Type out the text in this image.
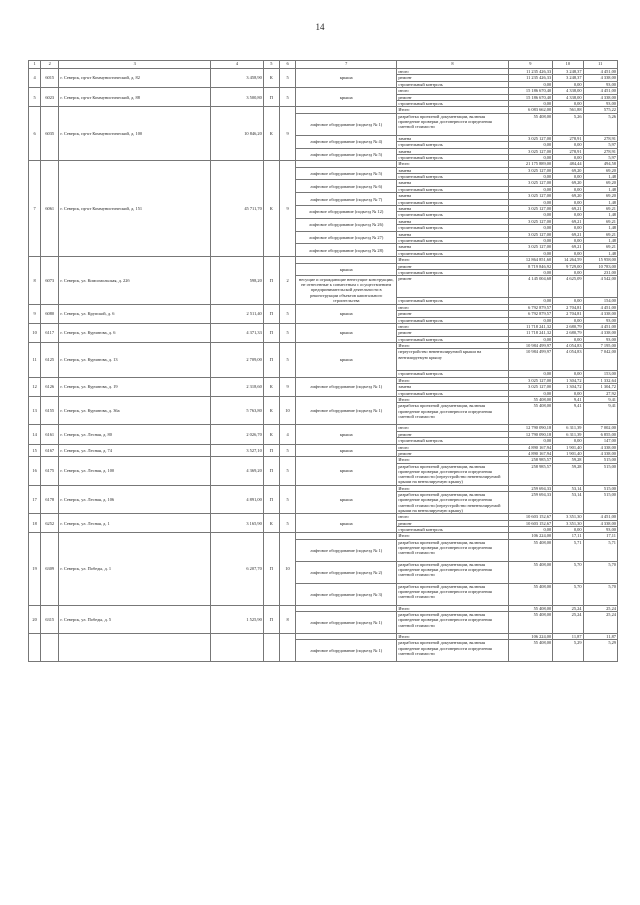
14
1	2	3	4	5	6	7	8	9	10	11
4	6015	г. Северск, пр-кт Коммунистический, д. 82	3 458,90	К	5	крыша	итого	11 235 426,33	3 248,37	4 451,00
							ремонт	11 235 426,33	3 248,37	4 338,00
							строительный контроль	0,00	0,00	93,00
5	6023	г. Северск, пр-кт Коммунистический, д. 88	3 500,80	П	5	крыша	итого	15 186 670,40	4 338,00	4 451,00
							ремонт	15 186 670,40	4 338,00	4 338,00
							строительный контроль	0,00	0,00	93,00
6	6035	г. Северск, пр-кт Коммунистический, д. 100	10 846,20	К	9		Итого	6 083 662,00	561,88	575,22
						лифтовое оборудование (подъезд № 1)	разработка проектной документации, включая проведение проверки достоверности определения сметной стоимости	55 408,00	5,26	5,26
						лифтовое оборудование (подъезд № 4)	замена	3 025 127,00	278,91	278,91
							строительный контроль	0,00	0,00	5,97
						лифтовое оборудование (подъезд № 5)	замена	3 025 127,00	278,91	278,91
							строительный контроль	0,00	0,00	5,97
7	6061	г. Северск, пр-кт Коммунистический, д. 151	45 711,70	К	9		Итого	21 175 889,00	484,44	494,58
						лифтовое оборудование (подъезд № 5)	замена	3 025 127,00	69,20	69,20
							строительный контроль	0,00	0,00	1,48
						лифтовое оборудование (подъезд № 6)	замена	3 025 127,00	69,20	69,20
							строительный контроль	0,00	0,00	1,48
						лифтовое оборудование (подъезд № 7)	замена	3 025 127,00	69,20	69,20
							строительный контроль	0,00	0,00	1,48
						лифтовое оборудование (подъезд № 12)	замена	3 025 127,00	69,21	69,21
							строительный контроль	0,00	0,00	1,48
						лифтовое оборудование (подъезд № 26)	замена	3 025 127,00	69,21	69,21
							строительный контроль	0,00	0,00	1,48
						лифтовое оборудование (подъезд № 27)	замена	3 025 127,00	69,21	69,21
							строительный контроль	0,00	0,00	1,48
						лифтовое оборудование (подъезд № 28)	замена	3 025 127,00	69,21	69,21
							строительный контроль	0,00	0,00	1,48
8	6073	г. Северск, ул. Комсомольская, д. 22б	598,20	П	2		Итого	12 864 851,60	14 264,59	15 958,00
						крыша	ремонт	8 719 846,92	9 729,00	10 783,00
							строительный контроль	0,00	0,00	231,00
						несущие и ограждающие ненесущие конструкции, не отнесенные к совместным с осуществлением предпринимательской деятельности в реконструкции объектов капитального строительства	ремонт	4 145 004,68	4 625,09	4 542,00
							строительный контроль	0,00	0,00	154,00
9	6080	г. Северск, ул. Крупской, д. 6	2 511,40	П	5	крыша	итого	6 792 879,57	2 704,81	4 451,00
							ремонт	6 792 879,57	2 704,81	4 338,00
							строительный контроль	0,00	0,00	93,00
10	6117	г. Северск, ул. Курчатова, д. 6	4 371,33	П	5	крыша	итого	11 718 241,32	2 680,79	4 451,00
							ремонт	11 718 241,32	2 680,79	4 338,00
							строительный контроль	0,00	0,00	93,00
11	6125	г. Северск, ул. Курчатова, д. 13	2 709,00	П	5	крыша	Итого	10 984 499,97	4 054,83	7 195,00
							переустройство невентилируемой крыши на вентилируемую крышу	10 984 499,97	4 054,83	7 042,00
							строительный контроль	0,00	0,00	153,00
12	6126	г. Северск, ул. Курчатова, д. 19	2 318,60	К	9	лифтовое оборудование (подъезд № 1)	Итого	3 025 127,00	1 304,72	1 332,64
							замена	3 025 127,00	1 304,72	1 304,72
							строительный контроль	0,00	0,00	27,92
13	6155	г. Северск, ул. Курчатова, д. 36а	5 763,80	К	10	лифтовое оборудование (подъезд № 1)	Итого	55 408,00	9,41	9,41
							разработка проектной документации, включая проведение проверки достоверности определения сметной стоимости	55 408,00	9,41	9,41
14	6161	г. Северск, ул. Лесная, д. 80	2 026,70	К	4	крыша	итого	12 790 090,18	6 311,39	7 002,00
							ремонт	12 790 090,18	6 311,39	6 855,00
							строительный контроль	0,00	0,00	147,00
15	6167	г. Северск, ул. Лесная, д. 74	3 527,10	П	5	крыша	итого	4 890 167,94	1 901,40	4 338,00
							ремонт	4 890 167,94	1 901,40	4 338,00
16	6175	г. Северск, ул. Лесная, д. 100	4 369,20	П	5	крыша	Итого	258 985,57	59,28	515,00
							разработка проектной документации, включая проведение проверки достоверности определения сметной стоимости (переустройство невентилируемой крыши на вентилируемую крышу)	258 985,57	59,28	515,00
17	6178	г. Северск, ул. Лесная, д. 106	4 891,00	П	5	крыша	Итого	259 694,33	53,14	515,00
							разработка проектной документации, включая проведение проверки достоверности определения сметной стоимости (переустройство невентилируемой крыши на вентилируемую крышу)	259 694,33	53,14	515,00
18	6252	г. Северск, ул. Лесная, д. 1	3 165,90	К	5	крыша	итого	10 603 152,67	3 351,30	4 451,00
							ремонт	10 603 152,67	3 351,30	4 338,00
							строительный контроль	0,00	0,00	93,00
19	6309	г. Северск, ул. Победы, д. 1	6 207,70	П	10		Итого	106 224,00	17,11	17,11
						лифтовое оборудование (подъезд № 1)	разработка проектной документации, включая проведение проверки достоверности определения сметной стоимости	55 408,00	5,71	5,71
						лифтовое оборудование (подъезд № 2)	разработка проектной документации, включая проведение проверки достоверности определения сметной стоимости	55 408,00	5,70	5,70
						лифтовое оборудование (подъезд № 3)	разработка проектной документации, включая проведение проверки достоверности определения сметной стоимости	55 408,00	5,70	5,70
20	6315	г. Северск, ул. Победы, д. 5	1 525,90	П	8		Итого	55 408,00	25,24	25,24
						лифтовое оборудование (подъезд № 1)	разработка проектной документации, включая проведение проверки достоверности определения сметной стоимости	55 408,00	25,24	25,24
							Итого	106 224,00	11,87	11,87
						лифтовое оборудование (подъезд № 1)	разработка проектной документации, включая проведение проверки достоверности определения сметной стоимости	55 408,00	5,29	5,29
